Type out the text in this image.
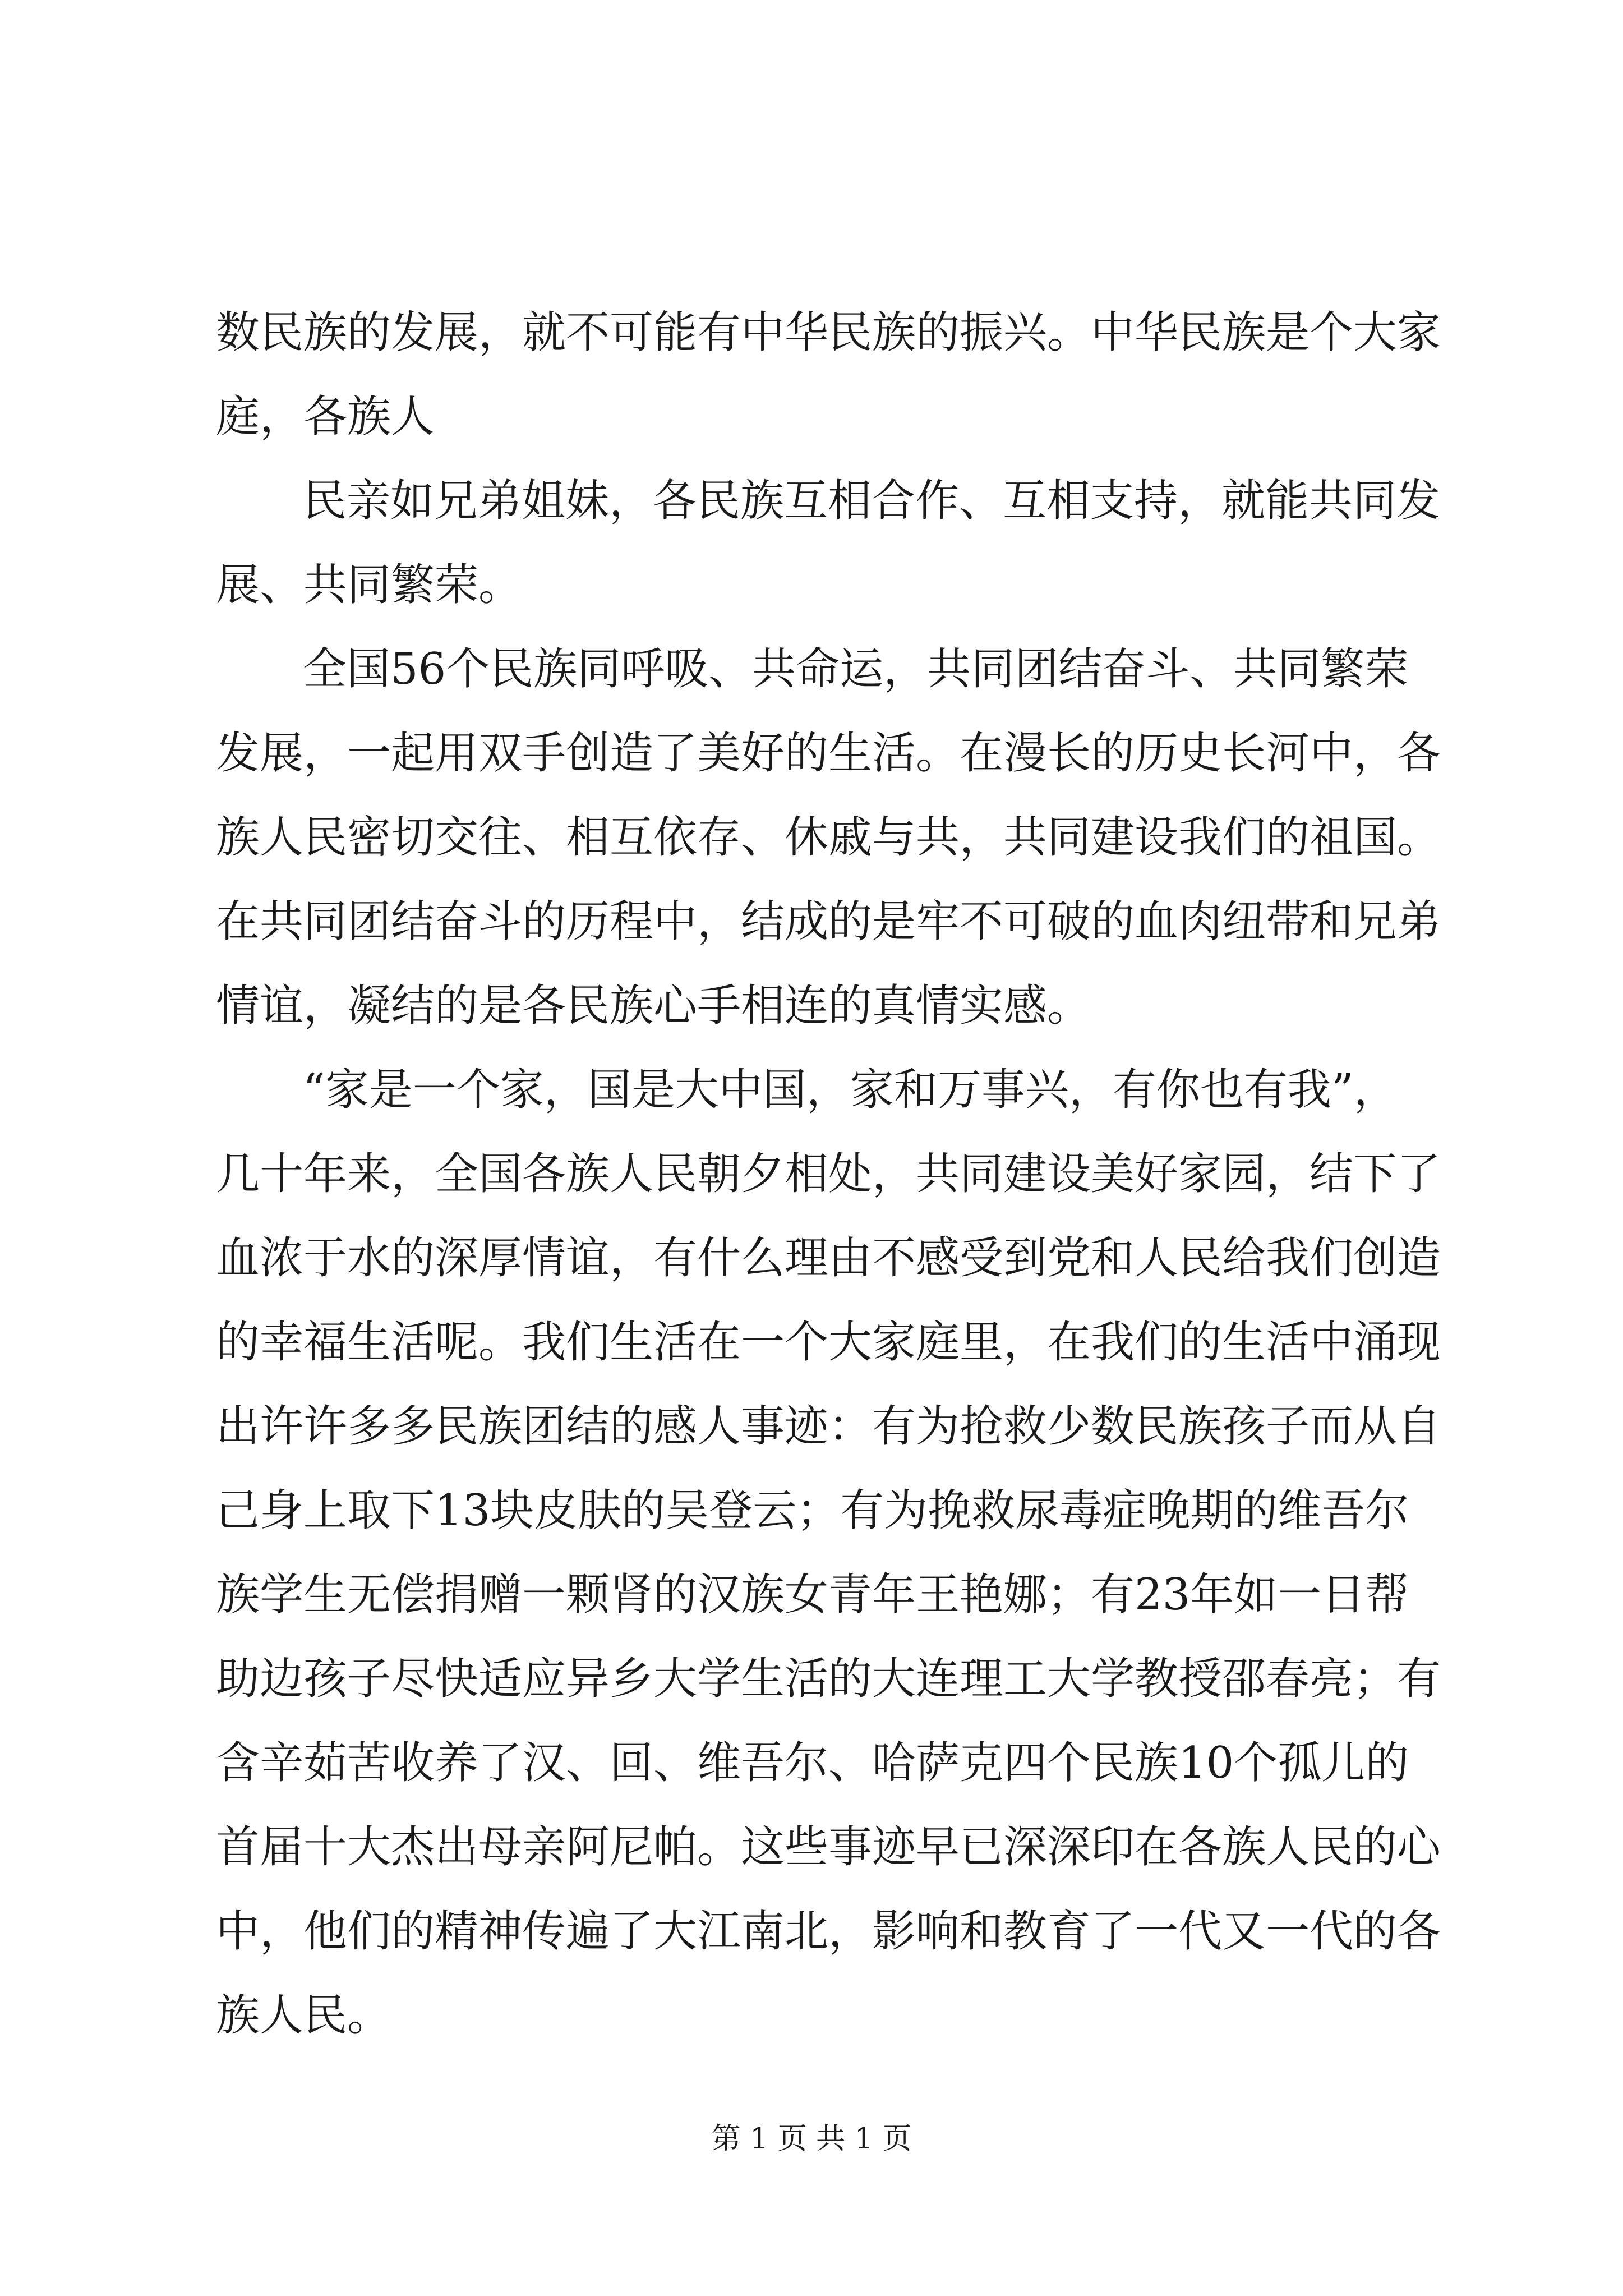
数民族的发展，就不可能有中华民族的振兴。中华民族是个大家
庭，各族人
民亲如兄弟姐妹，各民族互相合作、互相支持，就能共同发
展、共同繁荣。
全国56个民族同呼吸、共命运，共同团结奋斗、共同繁荣
发展，一起用双手创造了美好的生活。在漫长的历史长河中，各
族人民密切交往、相互依存、休戚与共，共同建设我们的祖国。
在共同团结奋斗的历程中，结成的是牢不可破的血肉纽带和兄弟
情谊，凝结的是各民族心手相连的真情实感。
“家是一个家，国是大中国，家和万事兴，有你也有我”，
几十年来，全国各族人民朝夕相处，共同建设美好家园，结下了
血浓于水的深厚情谊，有什么理由不感受到党和人民给我们创造
的幸福生活呢。我们生活在一个大家庭里，在我们的生活中涌现
出许许多多民族团结的感人事迹：有为抢救少数民族孩子而从自
己身上取下13块皮肤的吴登云；有为挽救尿毒症晚期的维吾尔
族学生无偿捐赠一颗肾的汉族女青年王艳娜；有23年如一日帮
助边孩子尽快适应异乡大学生活的大连理工大学教授邵春亮；有
含辛茹苦收养了汉、回、维吾尔、哈萨克四个民族10个孤儿的
首届十大杰出母亲阿尼帕。这些事迹早已深深印在各族人民的心
中，他们的精神传遍了大江南北，影响和教育了一代又一代的各
族人民。
第 1 页 共 1 页
